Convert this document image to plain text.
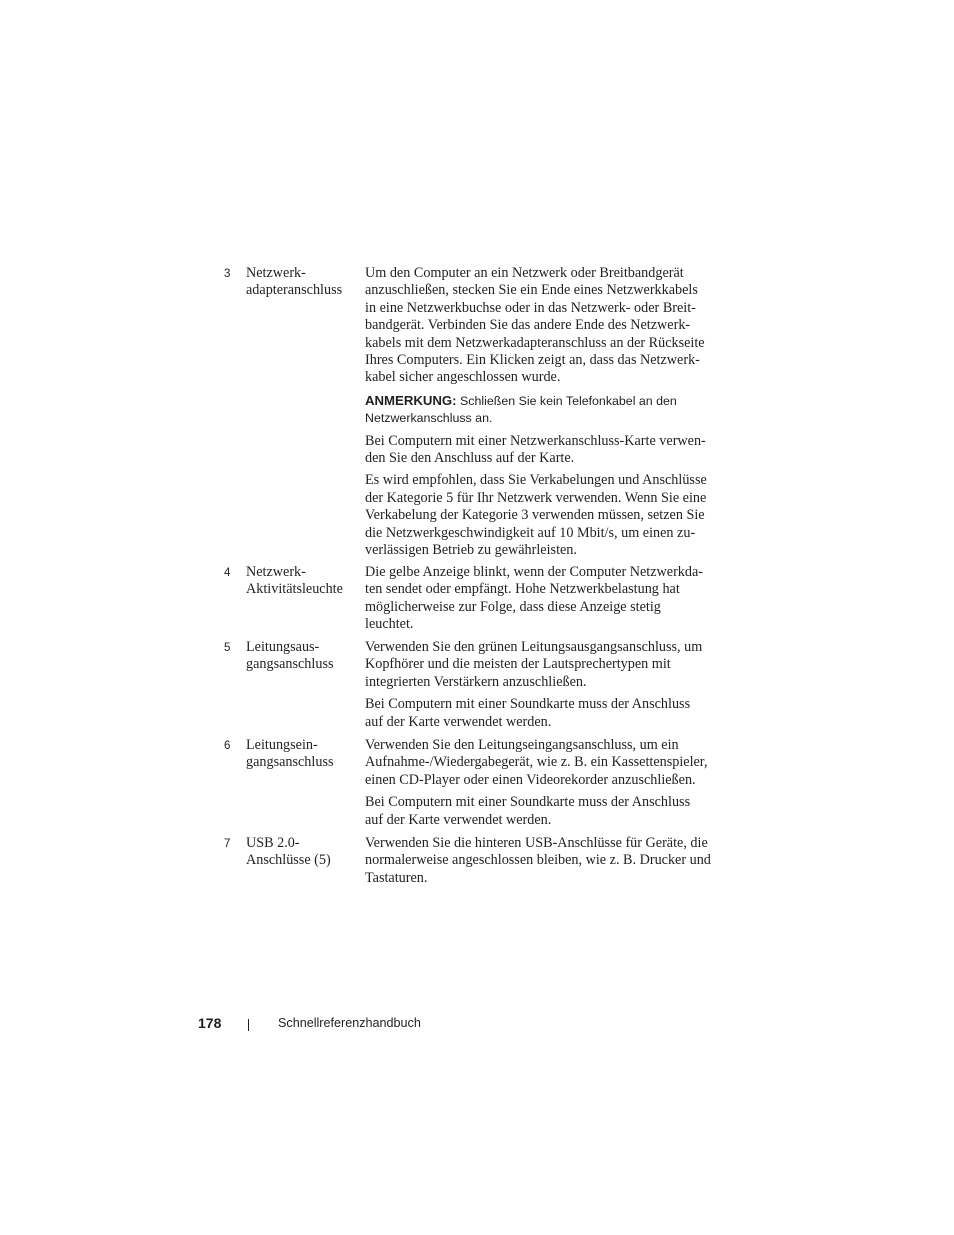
3 Netzwerk-
adapteranschluss

Um den Computer an ein Netzwerk oder Breitbandgerät
anzuschließen, stecken Sie ein Ende eines Netzwerkkabels
in eine Netzwerkbuchse oder in das Netzwerk- oder Breit-
bandgerät. Verbinden Sie das andere Ende des Netzwerk-
kabels mit dem Netzwerkadapteranschluss an der Rückseite
Ihres Computers. Ein Klicken zeigt an, dass das Netzwerk-
kabel sicher angeschlossen wurde.

ANMERKUNG: Schließen Sie kein Telefonkabel an den
Netzwerkanschluss an.

Bei Computern mit einer Netzwerkanschluss-Karte verwen-
den Sie den Anschluss auf der Karte.

Es wird empfohlen, dass Sie Verkabelungen und Anschlüsse
der Kategorie 5 für Ihr Netzwerk verwenden. Wenn Sie eine
Verkabelung der Kategorie 3 verwenden müssen, setzen Sie
die Netzwerkgeschwindigkeit auf 10 Mbit/s, um einen zu-
verlässigen Betrieb zu gewährleisten.

4 Netzwerk-
Aktivitätsleuchte

Die gelbe Anzeige blinkt, wenn der Computer Netzwerkda-
ten sendet oder empfängt. Hohe Netzwerkbelastung hat
möglicherweise zur Folge, dass diese Anzeige stetig
leuchtet.

5 Leitungsaus-
gangsanschluss

Verwenden Sie den grünen Leitungsausgangsanschluss, um
Kopfhörer und die meisten der Lautsprechertypen mit
integrierten Verstärkern anzuschließen.

Bei Computern mit einer Soundkarte muss der Anschluss
auf der Karte verwendet werden.

6 Leitungsein-
gangsanschluss

Verwenden Sie den Leitungseingangsanschluss, um ein
Aufnahme-/Wiedergabegerät, wie z. B. ein Kassettenspieler,
einen CD-Player oder einen Videorekorder anzuschließen.

Bei Computern mit einer Soundkarte muss der Anschluss
auf der Karte verwendet werden.

7 USB 2.0-
Anschlüsse (5)

Verwenden Sie die hinteren USB-Anschlüsse für Geräte, die
normalerweise angeschlossen bleiben, wie z. B. Drucker und
Tastaturen.

178	Schnellreferenzhandbuch
